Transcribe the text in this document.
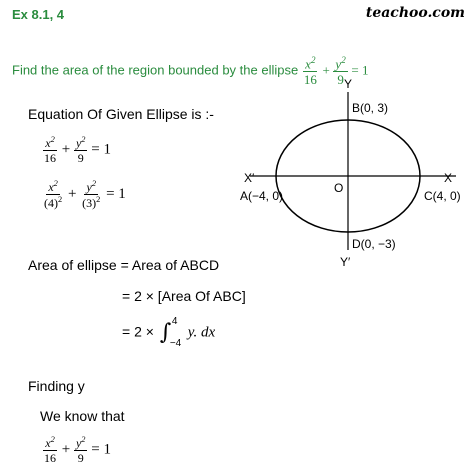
Ex 8.1, 4	teachoo.com
Find the area of the region bounded by the ellipse $\frac{x^2}{16} + \frac{y^2}{9} = 1$
Equation Of Given Ellipse is :-
$\frac{x^2}{16} + \frac{y^2}{9} = 1$
$\frac{x^2}{(4)^2} + \frac{y^2}{(3)^2} = 1$
Y
Y′
X′	X
O
A(−4, 0)
B(0, 3)
C(4, 0)
D(0, −3)
Area of ellipse = Area of ABCD
= 2 × [Area Of ABC]
= 2 × ∫ 4
−4
y. dx
Finding y
We know that
$\frac{x^2}{16} + \frac{y^2}{9} = 1$
